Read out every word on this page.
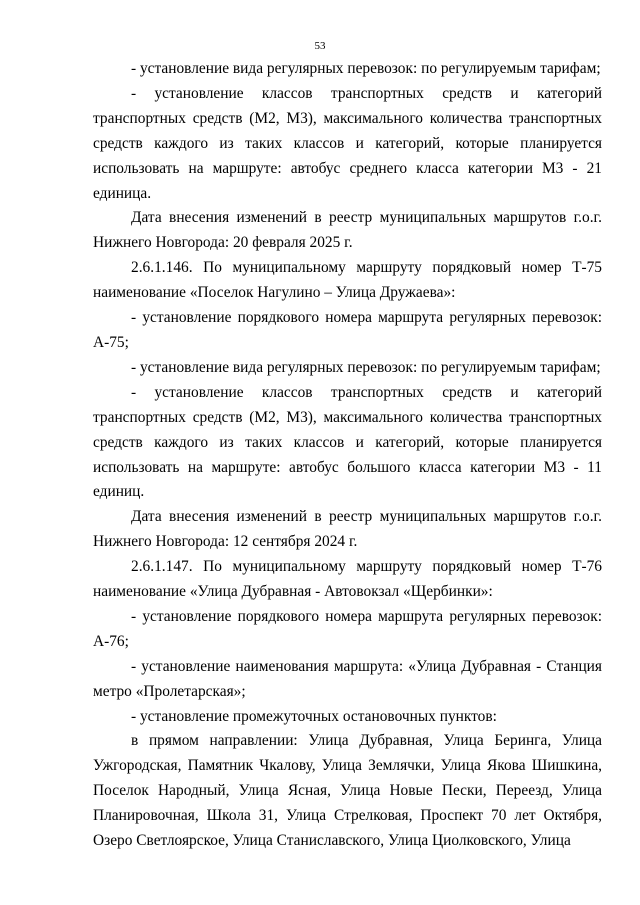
53

- установление вида регулярных перевозок: по регулируемым тарифам;

- установление классов транспортных средств и категорий транспортных средств (М2, М3), максимального количества транспортных средств каждого из таких классов и категорий, которые планируется использовать на маршруте: автобус среднего класса категории М3 - 21 единица.

Дата внесения изменений в реестр муниципальных маршрутов г.о.г. Нижнего Новгорода: 20 февраля 2025 г.

2.6.1.146. По муниципальному маршруту порядковый номер Т-75 наименование «Поселок Нагулино – Улица Дружаева»:

- установление порядкового номера маршрута регулярных перевозок: А-75;

- установление вида регулярных перевозок: по регулируемым тарифам;

- установление классов транспортных средств и категорий транспортных средств (М2, М3), максимального количества транспортных средств каждого из таких классов и категорий, которые планируется использовать на маршруте: автобус большого класса категории М3 - 11 единиц.

Дата внесения изменений в реестр муниципальных маршрутов г.о.г. Нижнего Новгорода: 12 сентября 2024 г.

2.6.1.147. По муниципальному маршруту порядковый номер Т-76 наименование «Улица Дубравная - Автовокзал «Щербинки»:

- установление порядкового номера маршрута регулярных перевозок: А-76;

- установление наименования маршрута: «Улица Дубравная - Станция метро «Пролетарская»;

- установление промежуточных остановочных пунктов:

в прямом направлении: Улица Дубравная, Улица Беринга, Улица Ужгородская, Памятник Чкалову, Улица Землячки, Улица Якова Шишкина, Поселок Народный, Улица Ясная, Улица Новые Пески, Переезд, Улица Планировочная, Школа 31, Улица Стрелковая, Проспект 70 лет Октября, Озеро Светлоярское, Улица Станиславского, Улица Циолковского, Улица
